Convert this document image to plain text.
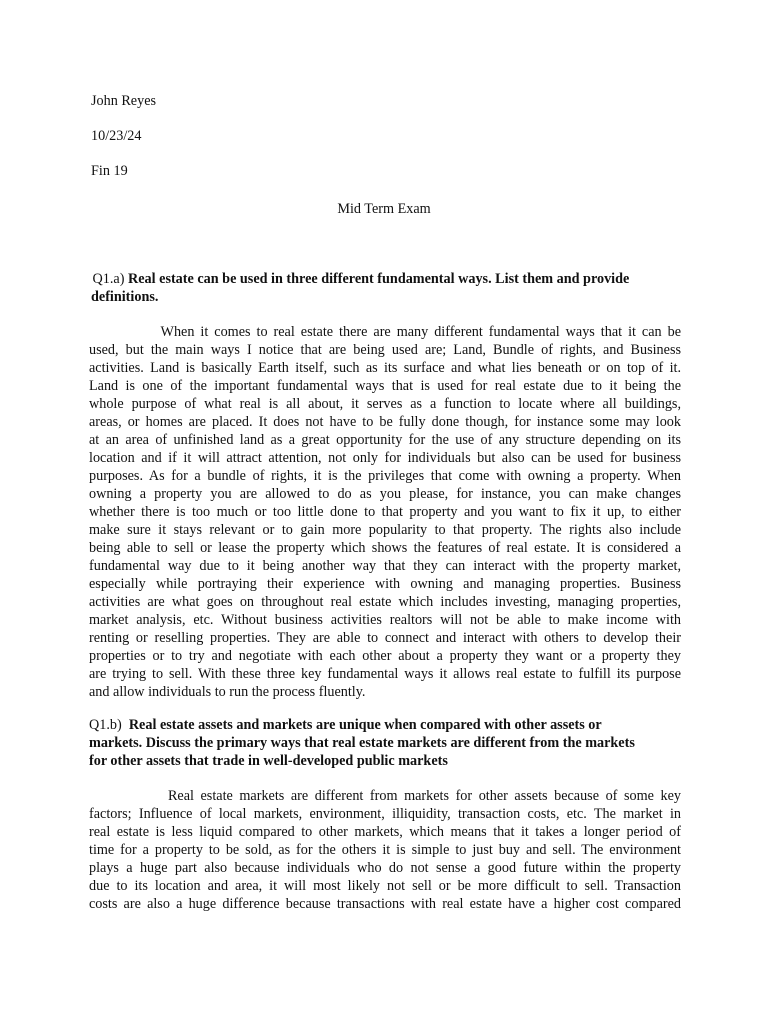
John Reyes
10/23/24
Fin 19
Mid Term Exam
Q1.a) Real estate can be used in three different fundamental ways. List them and provide
definitions.
When it comes to real estate there are many different fundamental ways that it can be
used, but the main ways I notice that are being used are; Land, Bundle of rights, and Business
activities. Land is basically Earth itself, such as its surface and what lies beneath or on top of it.
Land is one of the important fundamental ways that is used for real estate due to it being the
whole purpose of what real is all about, it serves as a function to locate where all buildings,
areas, or homes are placed. It does not have to be fully done though, for instance some may look
at an area of unfinished land as a great opportunity for the use of any structure depending on its
location and if it will attract attention, not only for individuals but also can be used for business
purposes. As for a bundle of rights, it is the privileges that come with owning a property. When
owning a property you are allowed to do as you please, for instance, you can make changes
whether there is too much or too little done to that property and you want to fix it up, to either
make sure it stays relevant or to gain more popularity to that property. The rights also include
being able to sell or lease the property which shows the features of real estate. It is considered a
fundamental way due to it being another way that they can interact with the property market,
especially while portraying their experience with owning and managing properties. Business
activities are what goes on throughout real estate which includes investing, managing properties,
market analysis, etc. Without business activities realtors will not be able to make income with
renting or reselling properties. They are able to connect and interact with others to develop their
properties or to try and negotiate with each other about a property they want or a property they
are trying to sell. With these three key fundamental ways it allows real estate to fulfill its purpose
and allow individuals to run the process fluently.
Q1.b)  Real estate assets and markets are unique when compared with other assets or
markets. Discuss the primary ways that real estate markets are different from the markets
for other assets that trade in well-developed public markets
Real estate markets are different from markets for other assets because of some key
factors; Influence of local markets, environment, illiquidity, transaction costs, etc. The market in
real estate is less liquid compared to other markets, which means that it takes a longer period of
time for a property to be sold, as for the others it is simple to just buy and sell. The environment
plays a huge part also because individuals who do not sense a good future within the property
due to its location and area, it will most likely not sell or be more difficult to sell. Transaction
costs are also a huge difference because transactions with real estate have a higher cost compared
